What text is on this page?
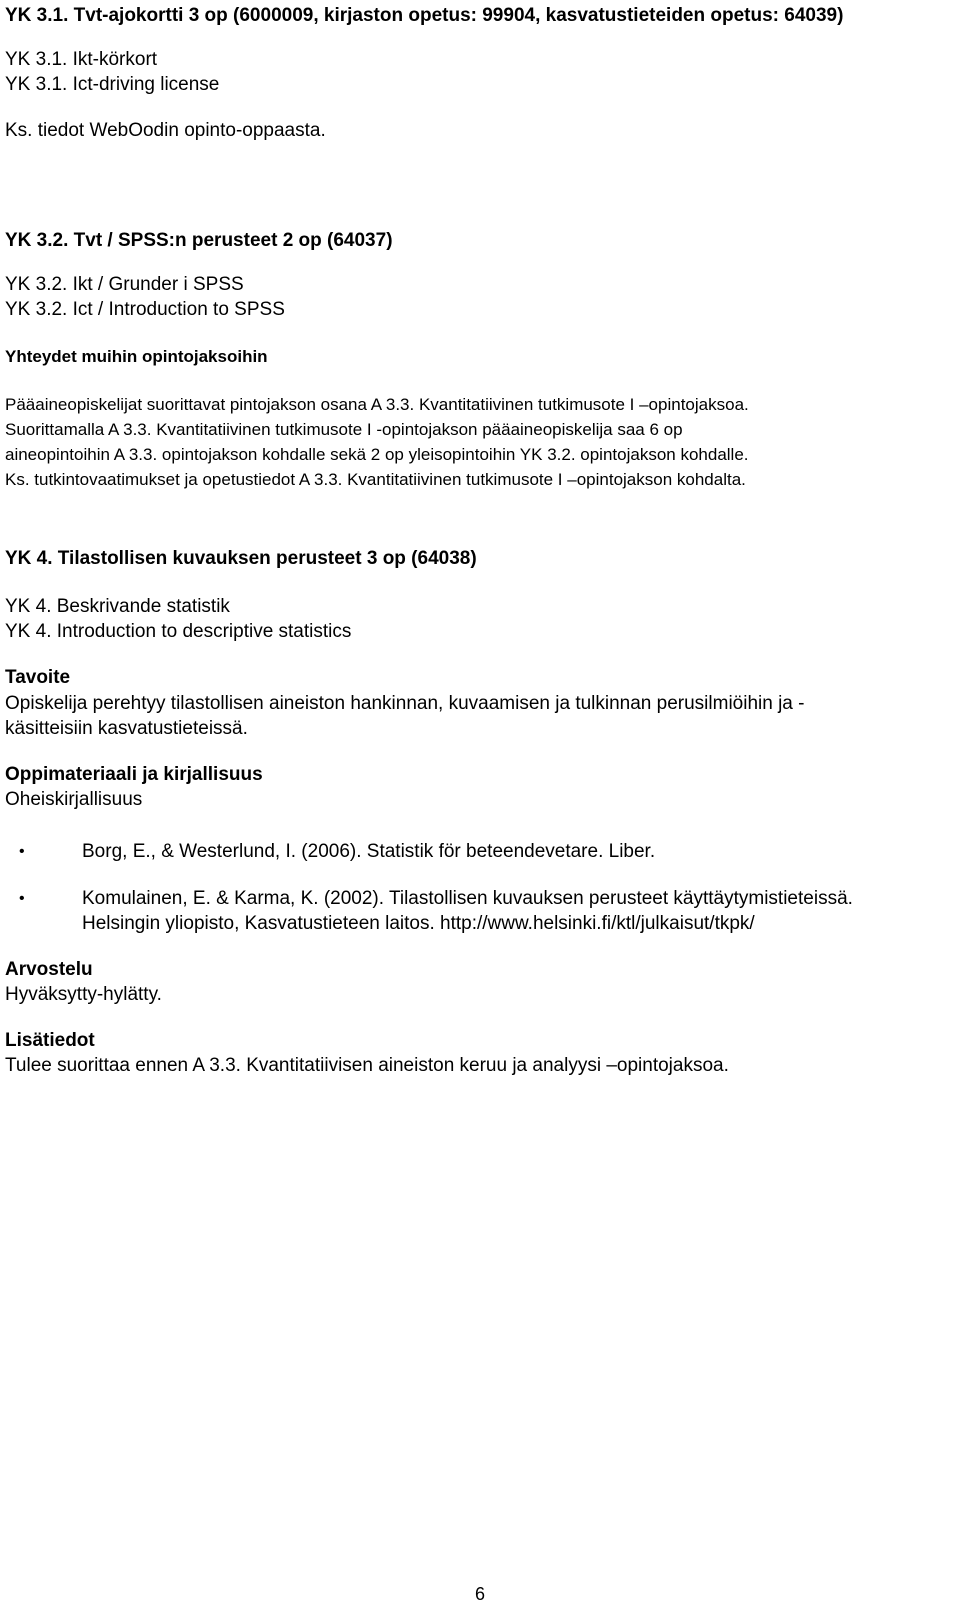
YK 3.1. Tvt-ajokortti 3 op (6000009, kirjaston opetus: 99904, kasvatustieteiden opetus: 64039)
YK 3.1. Ikt-körkort
YK 3.1. Ict-driving license
Ks. tiedot WebOodin opinto-oppaasta.
YK 3.2. Tvt / SPSS:n perusteet 2 op (64037)
YK 3.2. Ikt / Grunder i SPSS
YK 3.2. Ict / Introduction to SPSS
Yhteydet muihin opintojaksoihin
Pääaineopiskelijat suorittavat pintojakson osana A 3.3. Kvantitatiivinen tutkimusote I –opintojaksoa.
Suorittamalla A 3.3. Kvantitatiivinen tutkimusote I -opintojakson pääaineopiskelija saa 6 op
aineopintoihin A 3.3. opintojakson kohdalle sekä 2 op yleisopintoihin YK 3.2. opintojakson kohdalle.
Ks. tutkintovaatimukset ja opetustiedot A 3.3. Kvantitatiivinen tutkimusote I –opintojakson kohdalta.
YK 4. Tilastollisen kuvauksen perusteet 3 op (64038)
YK 4. Beskrivande statistik
YK 4. Introduction to descriptive statistics
Tavoite
Opiskelija perehtyy tilastollisen aineiston hankinnan, kuvaamisen ja tulkinnan perusilmiöihin ja -
käsitteisiin kasvatustieteissä.
Oppimateriaali ja kirjallisuus
Oheiskirjallisuus
•	Borg, E., & Westerlund, I. (2006). Statistik för beteendevetare. Liber.
•	Komulainen, E. & Karma, K. (2002). Tilastollisen kuvauksen perusteet käyttäytymistieteissä.
Helsingin yliopisto, Kasvatustieteen laitos. http://www.helsinki.fi/ktl/julkaisut/tkpk/
Arvostelu
Hyväksytty-hylätty.
Lisätiedot
Tulee suorittaa ennen A 3.3. Kvantitatiivisen aineiston keruu ja analyysi –opintojaksoa.
6
